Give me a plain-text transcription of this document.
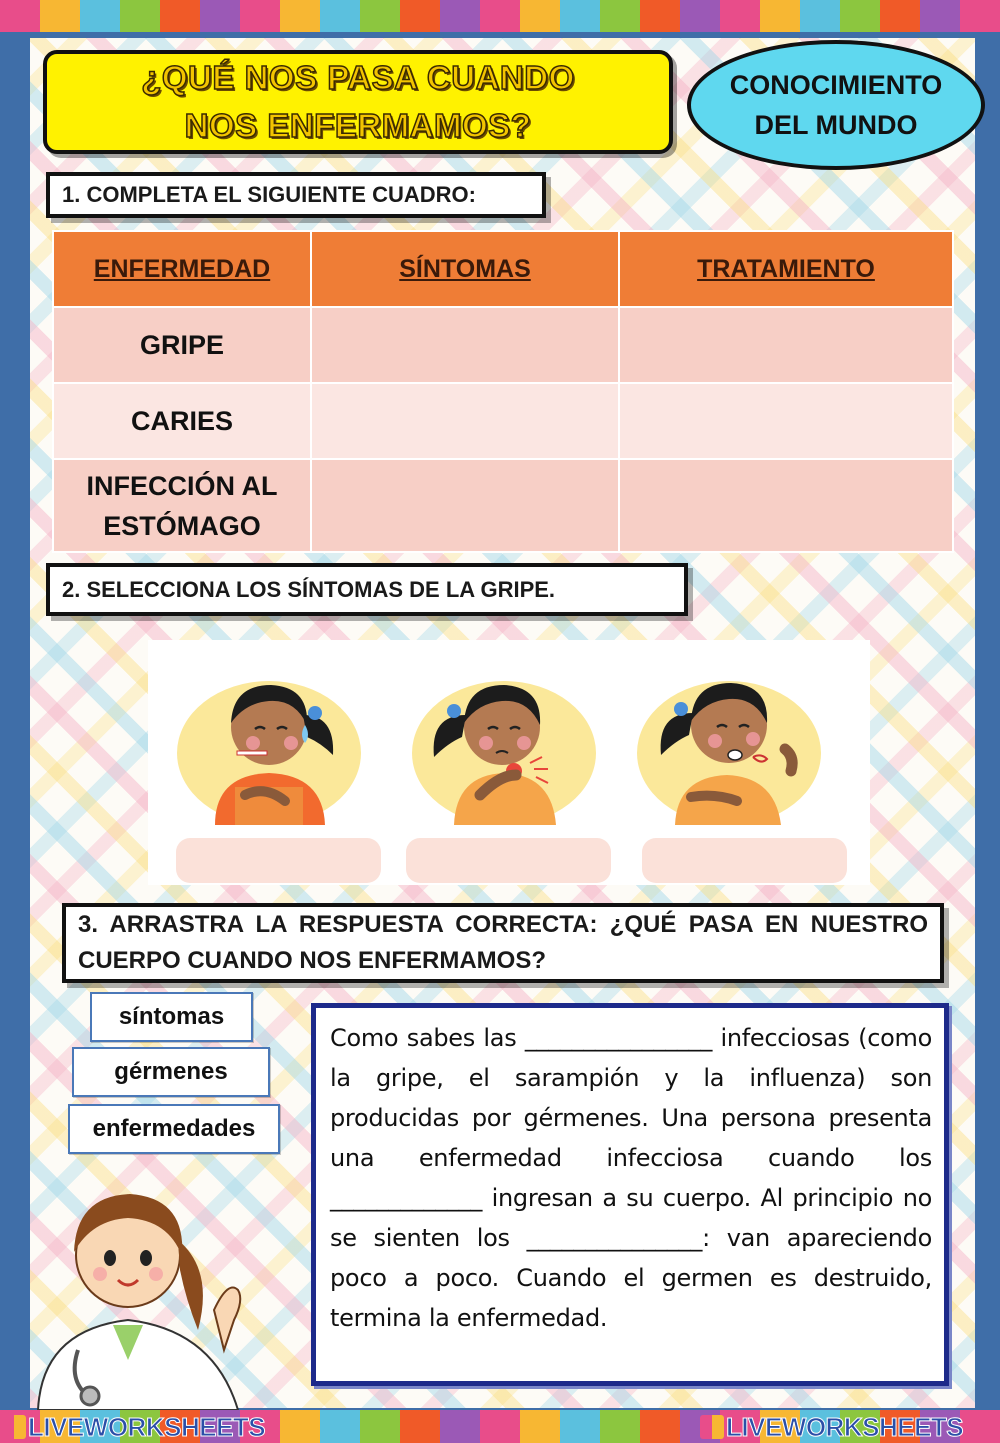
¿QUÉ NOS PASA CUANDO
NOS ENFERMAMOS?
CONOCIMIENTO
DEL MUNDO
1. COMPLETA EL SIGUIENTE CUADRO:
ENFERMEDAD	SÍNTOMAS	TRATAMIENTO
GRIPE		
CARIES		
INFECCIÓN AL ESTÓMAGO		
2. SELECCIONA LOS SÍNTOMAS DE LA GRIPE.
3. ARRASTRA LA RESPUESTA CORRECTA: ¿QUÉ PASA EN NUESTRO CUERPO CUANDO NOS ENFERMAMOS?
síntomas
gérmenes
enfermedades

Como sabes las ________________ infecciosas (como la gripe, el sarampión y la influenza) son producidas por gérmenes. Una persona presenta una enfermedad infecciosa cuando los _____________ ingresan a su cuerpo. Al principio no se sienten los _______________: van apareciendo poco a poco. Cuando el germen es destruido, termina la enfermedad.

LIVEWORKSHEETS	LIVEWORKSHEETS
